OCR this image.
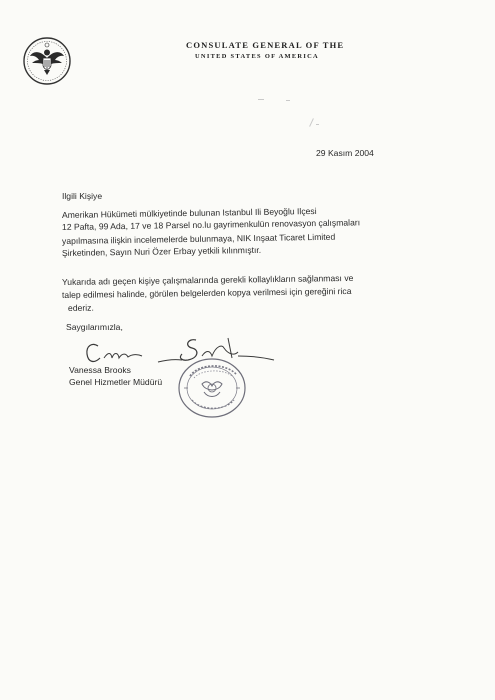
CONSULATE GENERAL OF THE
UNITED STATES OF AMERICA
29 Kasım 2004
Ilgili Kişiye
Amerikan Hükümeti mülkiyetinde bulunan Istanbul Ili Beyoğlu Ilçesi
12 Pafta, 99 Ada, 17 ve 18 Parsel no.lu gayrimenkulün renovasyon çalışmaları
yapılmasına ilişkin incelemelerde bulunmaya, NIK Inşaat Ticaret Limited
Şirketinden, Sayın Nuri Özer Erbay yetkili kılınmıştır.
Yukarıda adı geçen kişiye çalışmalarında gerekli kollaylıkların sağlanması ve
talep edilmesi halinde, görülen belgelerden kopya verilmesi için gereğini rica
ederiz.
Saygılarımızla,
Vanessa Brooks
Genel Hizmetler Müdürü
